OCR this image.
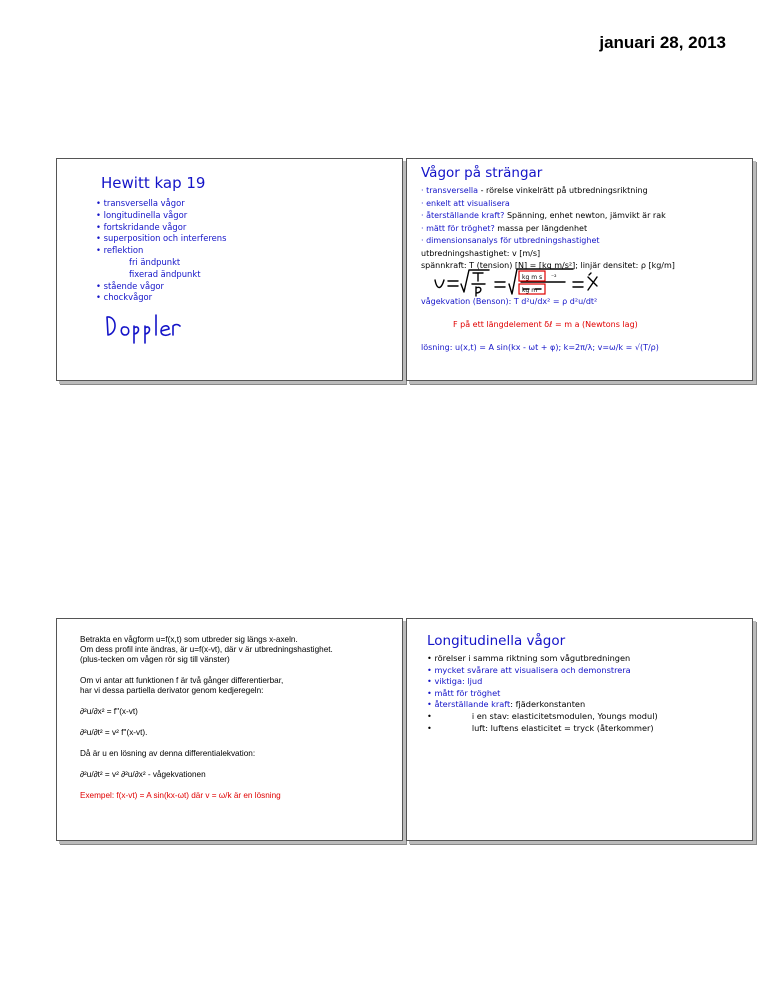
januari 28, 2013
Hewitt kap 19
• transversella vågor
• longitudinella vågor
• fortskridande vågor
• superposition och interferens
• reflektion
fri ändpunkt
fixerad ändpunkt
• stående vågor
• chockvågor
Vågor på strängar
· transversella - rörelse vinkelrätt på utbredningsriktning
· enkelt att visualisera
· återställande kraft? Spänning, enhet newton, jämvikt är rak
· mätt för tröghet? massa per längdenhet
· dimensionsanalys för utbredningshastighet
utbredningshastighet: v [m/s]
spännkraft: T (tension) [N] = [kg m/s²]; linjär densitet: ρ [kg/m]
kg m s
kg m
⁻²
vågekvation (Benson): T d²u/dx² = ρ d²u/dt²
F på ett längdelement δℓ = m a (Newtons lag)
lösning: u(x,t) = A sin(kx - ωt + φ); k=2π/λ; v=ω/k = √(T/ρ)

Betrakta en vågform u=f(x,t) som utbreder sig längs x-axeln.

Om dess profil inte ändras, är u=f(x-vt), där v är utbredningshastighet.

(plus-tecken om vågen rör sig till vänster)

Om vi antar att funktionen f är två gånger differentierbar,

har vi dessa partiella derivator genom kedjeregeln:

∂²u/∂x² = f''(x-vt)

∂²u/∂t² = v² f''(x-vt).

Då är u en lösning av denna differentialekvation:

∂²u/∂t² = v² ∂²u/∂x² - vågekvationen

Exempel: f(x-vt) = A sin(kx-ωt) där v = ω/k är en lösning

Longitudinella vågor
• rörelser i samma riktning som vågutbredningen
• mycket svårare att visualisera och demonstrera
• viktiga: ljud
• mått för tröghet
• återställande kraft: fjäderkonstanten
•	i en stav: elasticitetsmodulen, Youngs modul)
•	luft: luftens elasticitet = tryck (återkommer)
